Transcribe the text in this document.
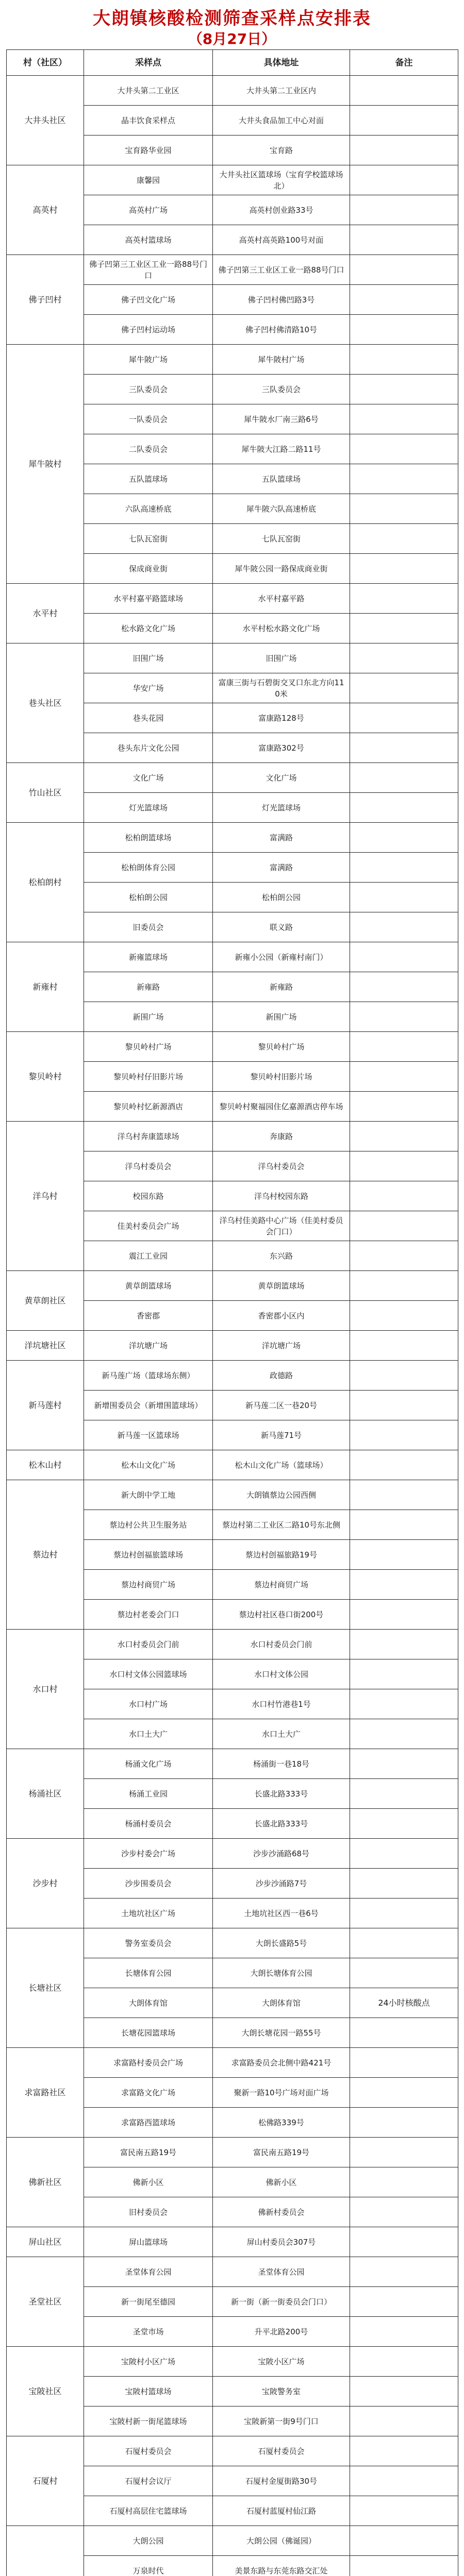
大朗镇核酸检测筛查采样点安排表
（8月27日）
村（社区）	采样点	具体地址	备注
大井头社区	大井头第二工业区	大井头第二工业区内	
	晶丰饮食采样点	大井头食品加工中心对面	
	宝育路华业园	宝育路	
高英村	康馨园	大井头社区篮球场（宝育学校篮球场北）	
	高英村广场	高英村创业路33号	
	高英村篮球场	高英村高英路100号对面	
佛子凹村	佛子凹第三工业区工业一路88号门口	佛子凹第三工业区工业一路88号门口	
	佛子凹文化广场	佛子凹村佛凹路3号	
	佛子凹村运动场	佛子凹村佛清路10号	
犀牛陂村	犀牛陂广场	犀牛陂村广场	
	三队委员会	三队委员会	
	一队委员会	犀牛陂水厂南三路6号	
	二队委员会	犀牛陂大江路二路11号	
	五队篮球场	五队篮球场	
	六队高速桥底	犀牛陂六队高速桥底	
	七队瓦窑街	七队瓦窑街	
	保成商业街	犀牛陂公园一路保成商业街	
水平村	水平村嘉平路篮球场	水平村嘉平路	
	松水路文化广场	水平村松水路文化广场	
巷头社区	旧围广场	旧围广场	
	华安广场	富康三街与石碧街交叉口东北方向110米	
	巷头花园	富康路128号	
	巷头东片文化公园	富康路302号	
竹山社区	文化广场	文化广场	
	灯光篮球场	灯光篮球场	
松柏朗村	松柏朗篮球场	富满路	
	松柏朗体育公园	富满路	
	松柏朗公园	松柏朗公园	
	旧委员会	联义路	
新雍村	新雍篮球场	新雍小公园（新雍村南门）	
	新雍路	新雍路	
	新围广场	新围广场	
黎贝岭村	黎贝岭村广场	黎贝岭村广场	
	黎贝岭村仔旧影片场	黎贝岭村旧影片场	
	黎贝岭村忆新源酒店	黎贝岭村聚福园住亿嘉源酒店停车场	
洋乌村	洋乌村奔康篮球场	奔康路	
	洋乌村委员会	洋乌村委员会	
	校园东路	洋乌村校园东路	
	佳美村委员会广场	洋乌村佳美路中心广场（佳美村委员会门口）	
	震江工业园	东兴路	
黄草朗社区	黄草朗篮球场	黄草朗篮球场	
	香密郡	香密郡小区内	
洋坑塘社区	洋坑塘广场	洋坑塘广场	
新马莲村	新马莲广场（篮球场东侧）	政德路	
	新增围委员会（新增围篮球场）	新马莲二区一巷20号	
	新马莲一区篮球场	新马莲71号	
松木山村	松木山文化广场	松木山文化广场（篮球场）	
蔡边村	新大朗中学工地	大朗镇蔡边公园西侧	
	蔡边村公共卫生服务站	蔡边村第二工业区二路10号东北侧	
	蔡边村创福旅篮球场	蔡边村创福旅路19号	
	蔡边村商贸广场	蔡边村商贸广场	
	蔡边村老委会门口	蔡边村社区巷口街200号	
水口村	水口村委员会门前	水口村委员会门前	
	水口村文体公园篮球场	水口村文体公园	
	水口村广场	水口村竹港巷1号	
	水口土大广	水口土大广	
杨涌社区	杨涌文化广场	杨涌街一巷18号	
	杨涌工业园	长盛北路333号	
	杨涌村委员会	长盛北路333号	
沙步村	沙步村委会广场	沙步沙涌路68号	
	沙步围委员会	沙步沙涌路7号	
	土地坑社区广场	土地坑社区西一巷6号	
长塘社区	警务室委员会	大朗长盛路5号	
	长塘体育公园	大朗长塘体育公园	
	大朗体育馆	大朗体育馆	24小时核酸点
	长塘花园篮球场	大朗长塘花园一路55号	
求富路社区	求富路村委员会广场	求富路委员会北侧中路421号	
	求富路文化广场	聚新一路10号广场对面广场	
	求富路西篮球场	松佛路339号	
佛新社区	富民南五路19号	富民南五路19号	
	佛新小区	佛新小区	
	旧村委员会	佛新村委员会	
屏山社区	屏山篮球场	屏山村委员会307号	
圣堂社区	圣堂体育公园	圣堂体育公园	
	新一街尾至德园	新一街（新一街委员会门口）	
	圣堂市场	升平北路200号	
宝陂社区	宝陂村小区广场	宝陂小区广场	
	宝陂村篮球场	宝陂警务室	
	宝陂村新一街尾篮球场	宝陂新第一街9号门口	
石厦村	石厦村委员会	石厦村委员会	
	石厦村会议厅	石厦村金厦街路30号	
	石厦村高层住宅篮球场	石厦村蓝厦村仙江路	
	大朗公园	大朗公园（佛诞园）	
	万泉时代	美景东路与东莞东路交汇处	
